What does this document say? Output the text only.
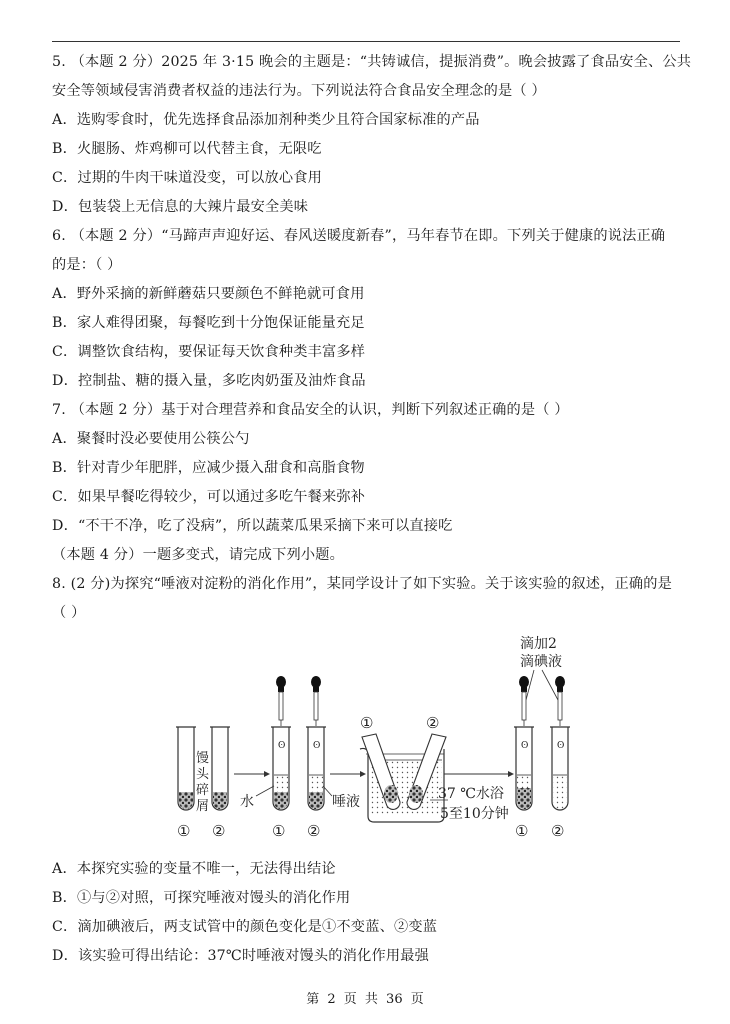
5. （本题 2 分）2025 年 3·15 晚会的主题是：“共铸诚信，提振消费”。晚会披露了食品安全、公共
安全等领域侵害消费者权益的违法行为。下列说法符合食品安全理念的是（ ）
A．选购零食时，优先选择食品添加剂种类少且符合国家标准的产品
B．火腿肠、炸鸡柳可以代替主食，无限吃
C．过期的牛肉干味道没变，可以放心食用
D．包装袋上无信息的大辣片最安全美味
6. （本题 2 分）“马蹄声声迎好运、春风送暖度新春”，马年春节在即。下列关于健康的说法正确
的是：（ ）
A．野外采摘的新鲜蘑菇只要颜色不鲜艳就可食用
B．家人难得团聚，每餐吃到十分饱保证能量充足
C．调整饮食结构，要保证每天饮食种类丰富多样
D．控制盐、糖的摄入量，多吃肉奶蛋及油炸食品
7. （本题 2 分）基于对合理营养和食品安全的认识，判断下列叙述正确的是（ ）
A．聚餐时没必要使用公筷公勺
B．针对青少年肥胖，应减少摄入甜食和高脂食物
C．如果早餐吃得较少，可以通过多吃午餐来弥补
D．“不干不净，吃了没病”，所以蔬菜瓜果采摘下来可以直接吃
（本题 4 分）一题多变式，请完成下列小题。
8. (2 分)为探究“唾液对淀粉的消化作用”，某同学设计了如下实验。关于该实验的叙述，正确的是
（ ）
馒
头
碎
屑
① ②
ʘ	ʘ
水	唾液
① ②
①	②
37 ℃水浴
5至10分钟
滴加2
滴碘液
ʘ	ʘ
① ②
A．本探究实验的变量不唯一，无法得出结论
B．①与②对照，可探究唾液对馒头的消化作用
C．滴加碘液后，两支试管中的颜色变化是①不变蓝、②变蓝
D．该实验可得出结论：37℃时唾液对馒头的消化作用最强
第 2 页 共 36 页
